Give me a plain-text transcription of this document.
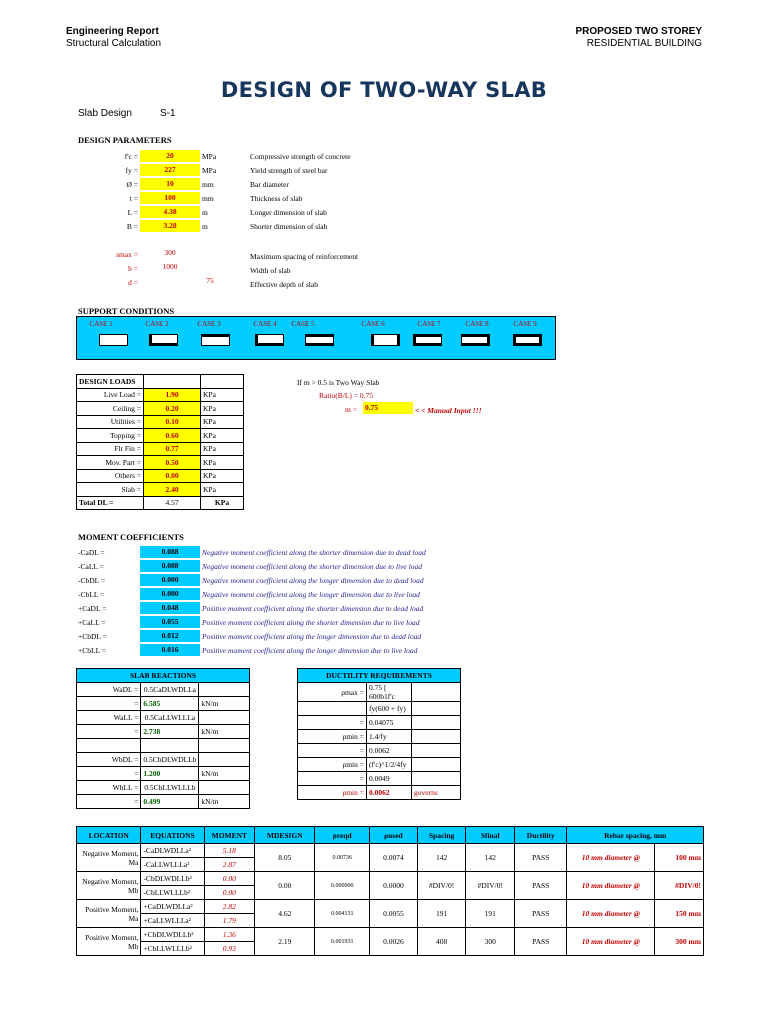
Engineering Report
Structural Calculation
PROPOSED TWO STOREY
RESIDENTIAL BUILDING
DESIGN OF TWO-WAY SLAB
Slab Design	S-1
DESIGN PARAMETERS
f'c =	20	MPa	Compressive strength of concrete
fy =	227	MPa	Yield strength of steel bar
Ø =	10	mm	Bar diameter
t =	100	mm	Thickness of slab
L =	4.38	m	Longer dimension of slab
B =	3.28	m	Shorter dimension of slab
smax =	300	Maximum spacing of reinforcement
b =	1000	Width of slab
d =	75	Effective depth of slab
SUPPORT CONDITIONS
CASE 1	CASE 2	CASE 3	CASE 4	CASE 5	CASE 6	CASE 7	CASE 8	CASE 9
DESIGN LOADS		
Live Load =	1.90	KPa
Ceiling =	0.20	KPa
Utilities =	0.10	KPa
Topping =	0.60	KPa
Flr Fin =	0.77	KPa
Mov. Part =	0.50	KPa
Others =	0.00	KPa
Slab =	2.40	KPa
Total DL =	4.57	KPa
If m > 0.5 is Two Way Slab
Ratio(B/L) = 0.75
m = 0.75	< < Manual Input !!!
MOMENT COEFFICIENTS
-CaDL =	0.088	Negative moment coefficient along the shorter dimension due to dead load
-CaLL =	0.088	Negative moment coefficient along the shorter dimension due to live load
-CbDL =	0.000	Negative moment coefficient along the longer dimension due to dead load
-CbLL =	0.000	Negative moment coefficient along the longer dimension due to live load
+CaDL =	0.048	Positive moment coefficient along the shorter dimension due to dead load
+CaLL =	0.055	Positive moment coefficient along the shorter dimension due to live load
+CbDL =	0.012	Positive moment coefficient along the longer dimension due to dead load
+CbLL =	0.016	Positive moment coefficient along the longer dimension due to live load
SLAB REACTIONS		
WaDL =	0.5CaDLWDLLa	
=	6.585	kN/m
WaLL =	0.5CaLLWLLLa	
=	2.738	kN/m

WbDL =	0.5CbDLWDLLb	
=	1.200	kN/m
WbLL =	0.5CbLLWLLLb	
=	0.499	kN/m
DUCTILITY REQUIREMENTS		
ρmax =	0.75 [ 600b1f'c	
	fy(600 + fy)	
=	0.04075	
ρmin =	1.4/fy	
=	0.0062	
ρmin =	(f'c)^1/2/4fy	
=	0.0049	
ρmin =	0.0062	governs
LOCATION	EQUATIONS	MOMENT	MDESIGN	ρreqd	ρused	Spacing	Sfinal	Ductility	Rebar spacing, mm	
Negative Moment, Ma	-CaDLWDLLa²	5.18	8.05	0.00736	0.0074	142	142	PASS	10 mm diameter @	100 mm
	-CaLLWLLLa²	2.87								
Negative Moment, Mb	-CbDLWDLLb²	0.00	0.00	0.000000	0.0000	#DIV/0!	#DIV/0!	PASS	10 mm diameter @	#DIV/0!
	-CbLLWLLLb²	0.00								
Positive Moment, Ma	+CaDLWDLLa²	2.82	4.62	0.004131	0.0055	191	191	PASS	10 mm diameter @	150 mm
	+CaLLWLLLa²	1.79								
Positive Moment, Mb	+CbDLWDLLb²	1.36	2.19	0.001931	0.0026	408	300	PASS	10 mm diameter @	300 mm
	+CbLLWLLLb²	0.93								
